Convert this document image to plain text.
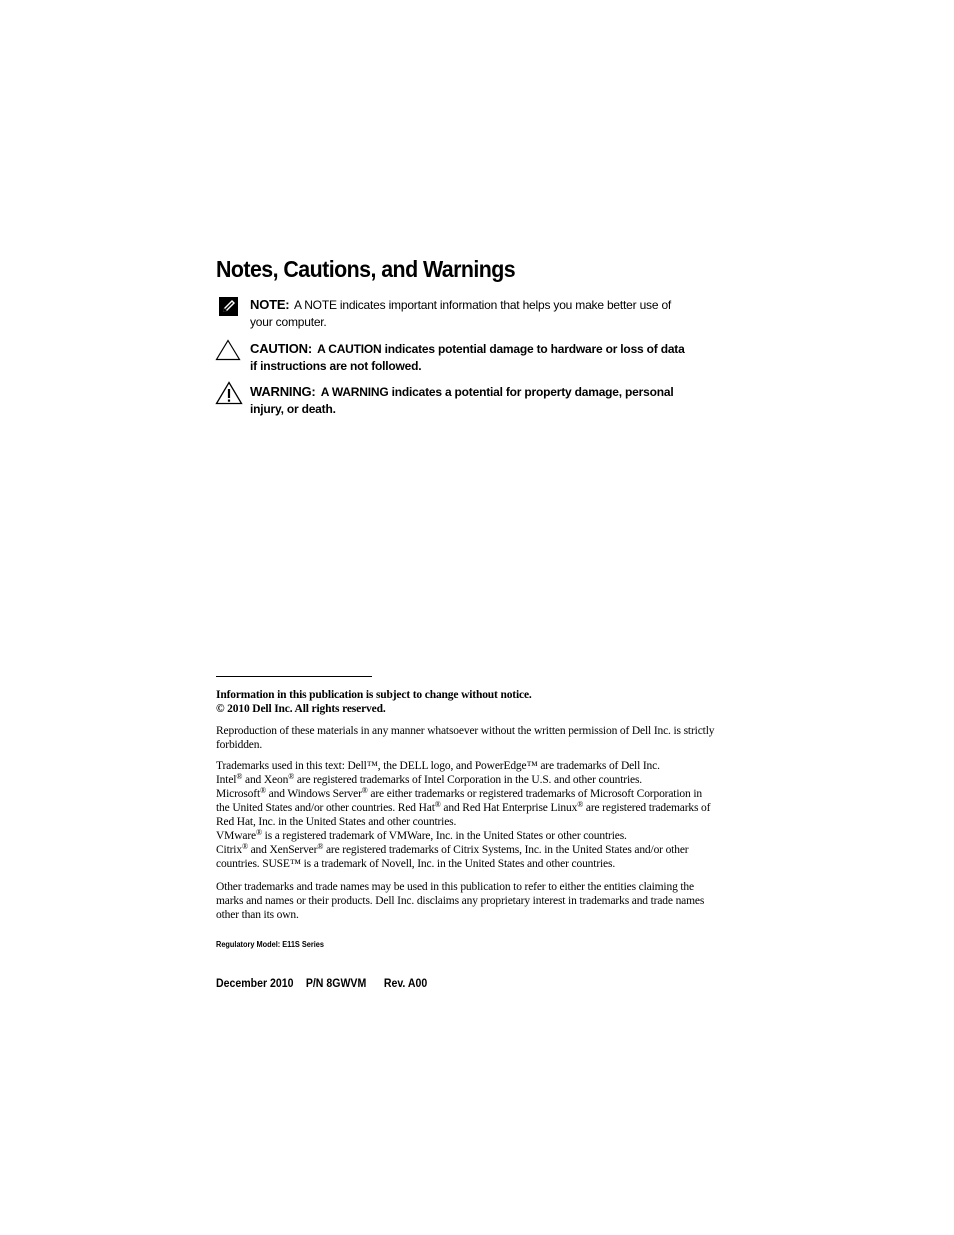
Notes, Cautions, and Warnings
NOTE: A NOTE indicates important information that helps you make better use of your computer.
CAUTION: A CAUTION indicates potential damage to hardware or loss of data if instructions are not followed.
WARNING: A WARNING indicates a potential for property damage, personal injury, or death.

Information in this publication is subject to change without notice.
© 2010 Dell Inc. All rights reserved.

Reproduction of these materials in any manner whatsoever without the written permission of Dell Inc. is strictly forbidden.

Trademarks used in this text: Dell™, the DELL logo, and PowerEdge™ are trademarks of Dell Inc.
Intel® and Xeon® are registered trademarks of Intel Corporation in the U.S. and other countries.
Microsoft® and Windows Server® are either trademarks or registered trademarks of Microsoft Corporation in the United States and/or other countries. Red Hat® and Red Hat Enterprise Linux® are registered trademarks of Red Hat, Inc. in the United States and other countries.
VMware® is a registered trademark of VMWare, Inc. in the United States or other countries.
Citrix® and XenServer® are registered trademarks of Citrix Systems, Inc. in the United States and/or other countries. SUSE™ is a trademark of Novell, Inc. in the United States and other countries.

Other trademarks and trade names may be used in this publication to refer to either the entities claiming the marks and names or their products. Dell Inc. disclaims any proprietary interest in trademarks and trade names other than its own.

Regulatory Model: E11S Series
December 2010 P/N 8GWVM Rev. A00
